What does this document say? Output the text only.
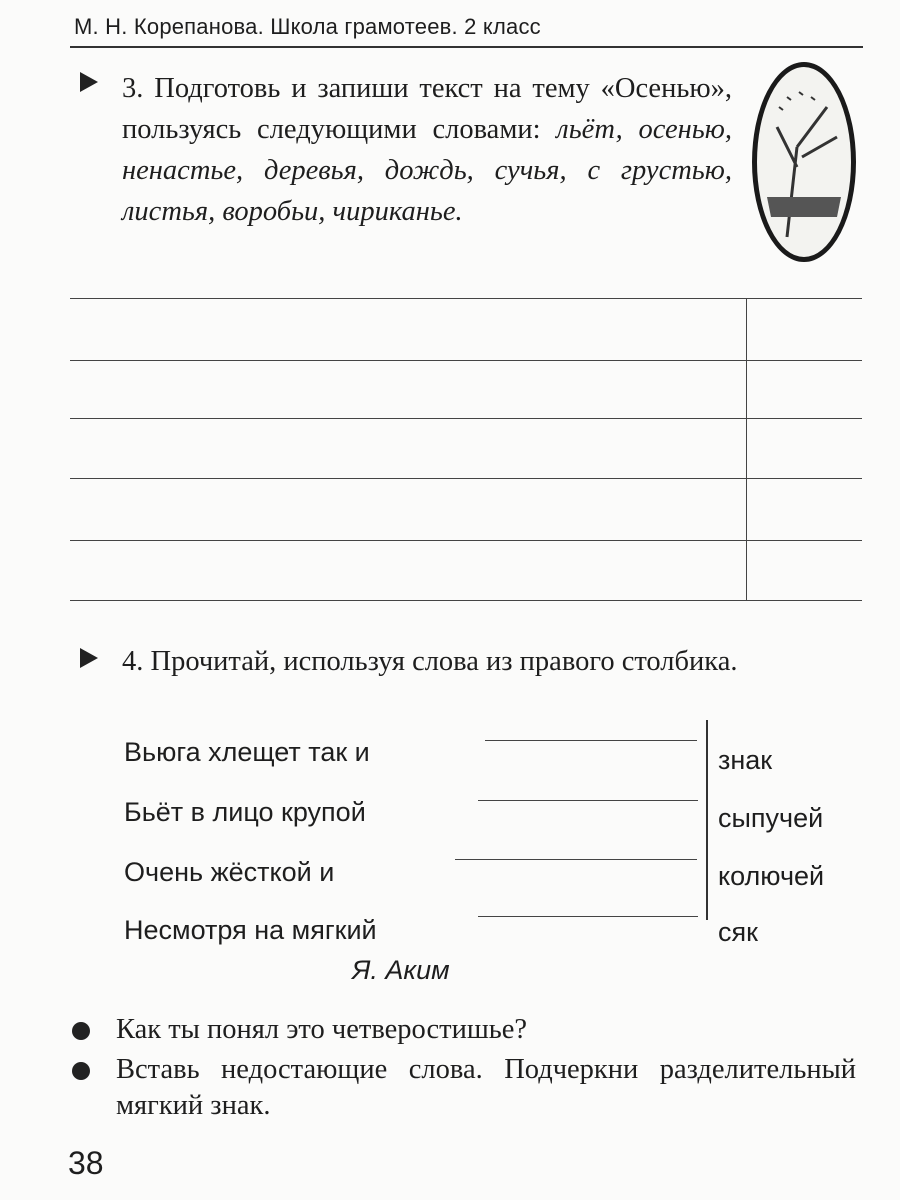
М. Н. Корепанова. Школа грамотеев. 2 класс
3. Подготовь и запиши текст на тему «Осенью», пользуясь следующими словами: льёт, осенью, ненастье, деревья, дождь, сучья, с грустью, листья, воробьи, чириканье.
4. Прочитай, используя слова из правого столбика.
Вьюга хлещет так и
Бьёт в лицо крупой
Очень жёсткой и
Несмотря на мягкий
знак
сыпучей
колючей
сяк
Я. Аким
Как ты понял это четверостишье?
Вставь недостающие слова. Подчеркни разделительный мягкий знак.
38
